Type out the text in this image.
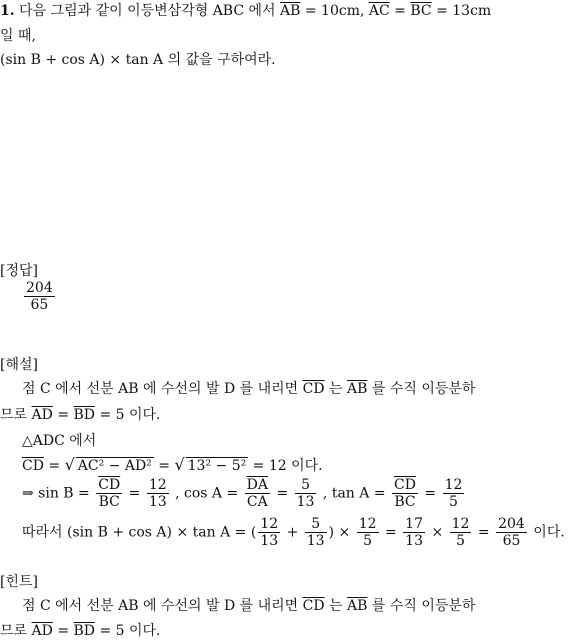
1. 다음 그림과 같이 이등변삼각형 ABC 에서 $\overline{AB} = 10cm$, $\overline{AC} = \overline{BC} = 13cm$
일 때,
(sin B + cos A) × tan A 의 값을 구하여라.
[정답]
$\frac{204}{65}$
[해설]
점 C 에서 선분 AB 에 수선의 발 D 를 내리면 $\overline{CD}$ 는 $\overline{AB}$ 를 수직 이등분하
므로 $\overline{AD} = \overline{BD} = 5$ 이다.
△ADC 에서
$\overline{CD}$ = √ AC² − AD² = √ 13² − 5² = 12 이다.
⇒ $\sin B = \frac{\overline{CD}}{BC} = \frac{12}{13}$ , $\cos A = \frac{\overline{DA}}{CA} = \frac{5}{13}$ , $\tan A = \frac{\overline{CD}}{BC} = \frac{12}{5}$
따라서 (sin B + cos A) × tan A = ( $\frac{12}{13} + \frac{5}{13}$ ) × $\frac{12}{5} = \frac{17}{13} \times \frac{12}{5} = \frac{204}{65}$ 이다.
[힌트]
점 C 에서 선분 AB 에 수선의 발 D 를 내리면 $\overline{CD}$ 는 $\overline{AB}$ 를 수직 이등분하
므로 $\overline{AD} = \overline{BD} = 5$ 이다.
